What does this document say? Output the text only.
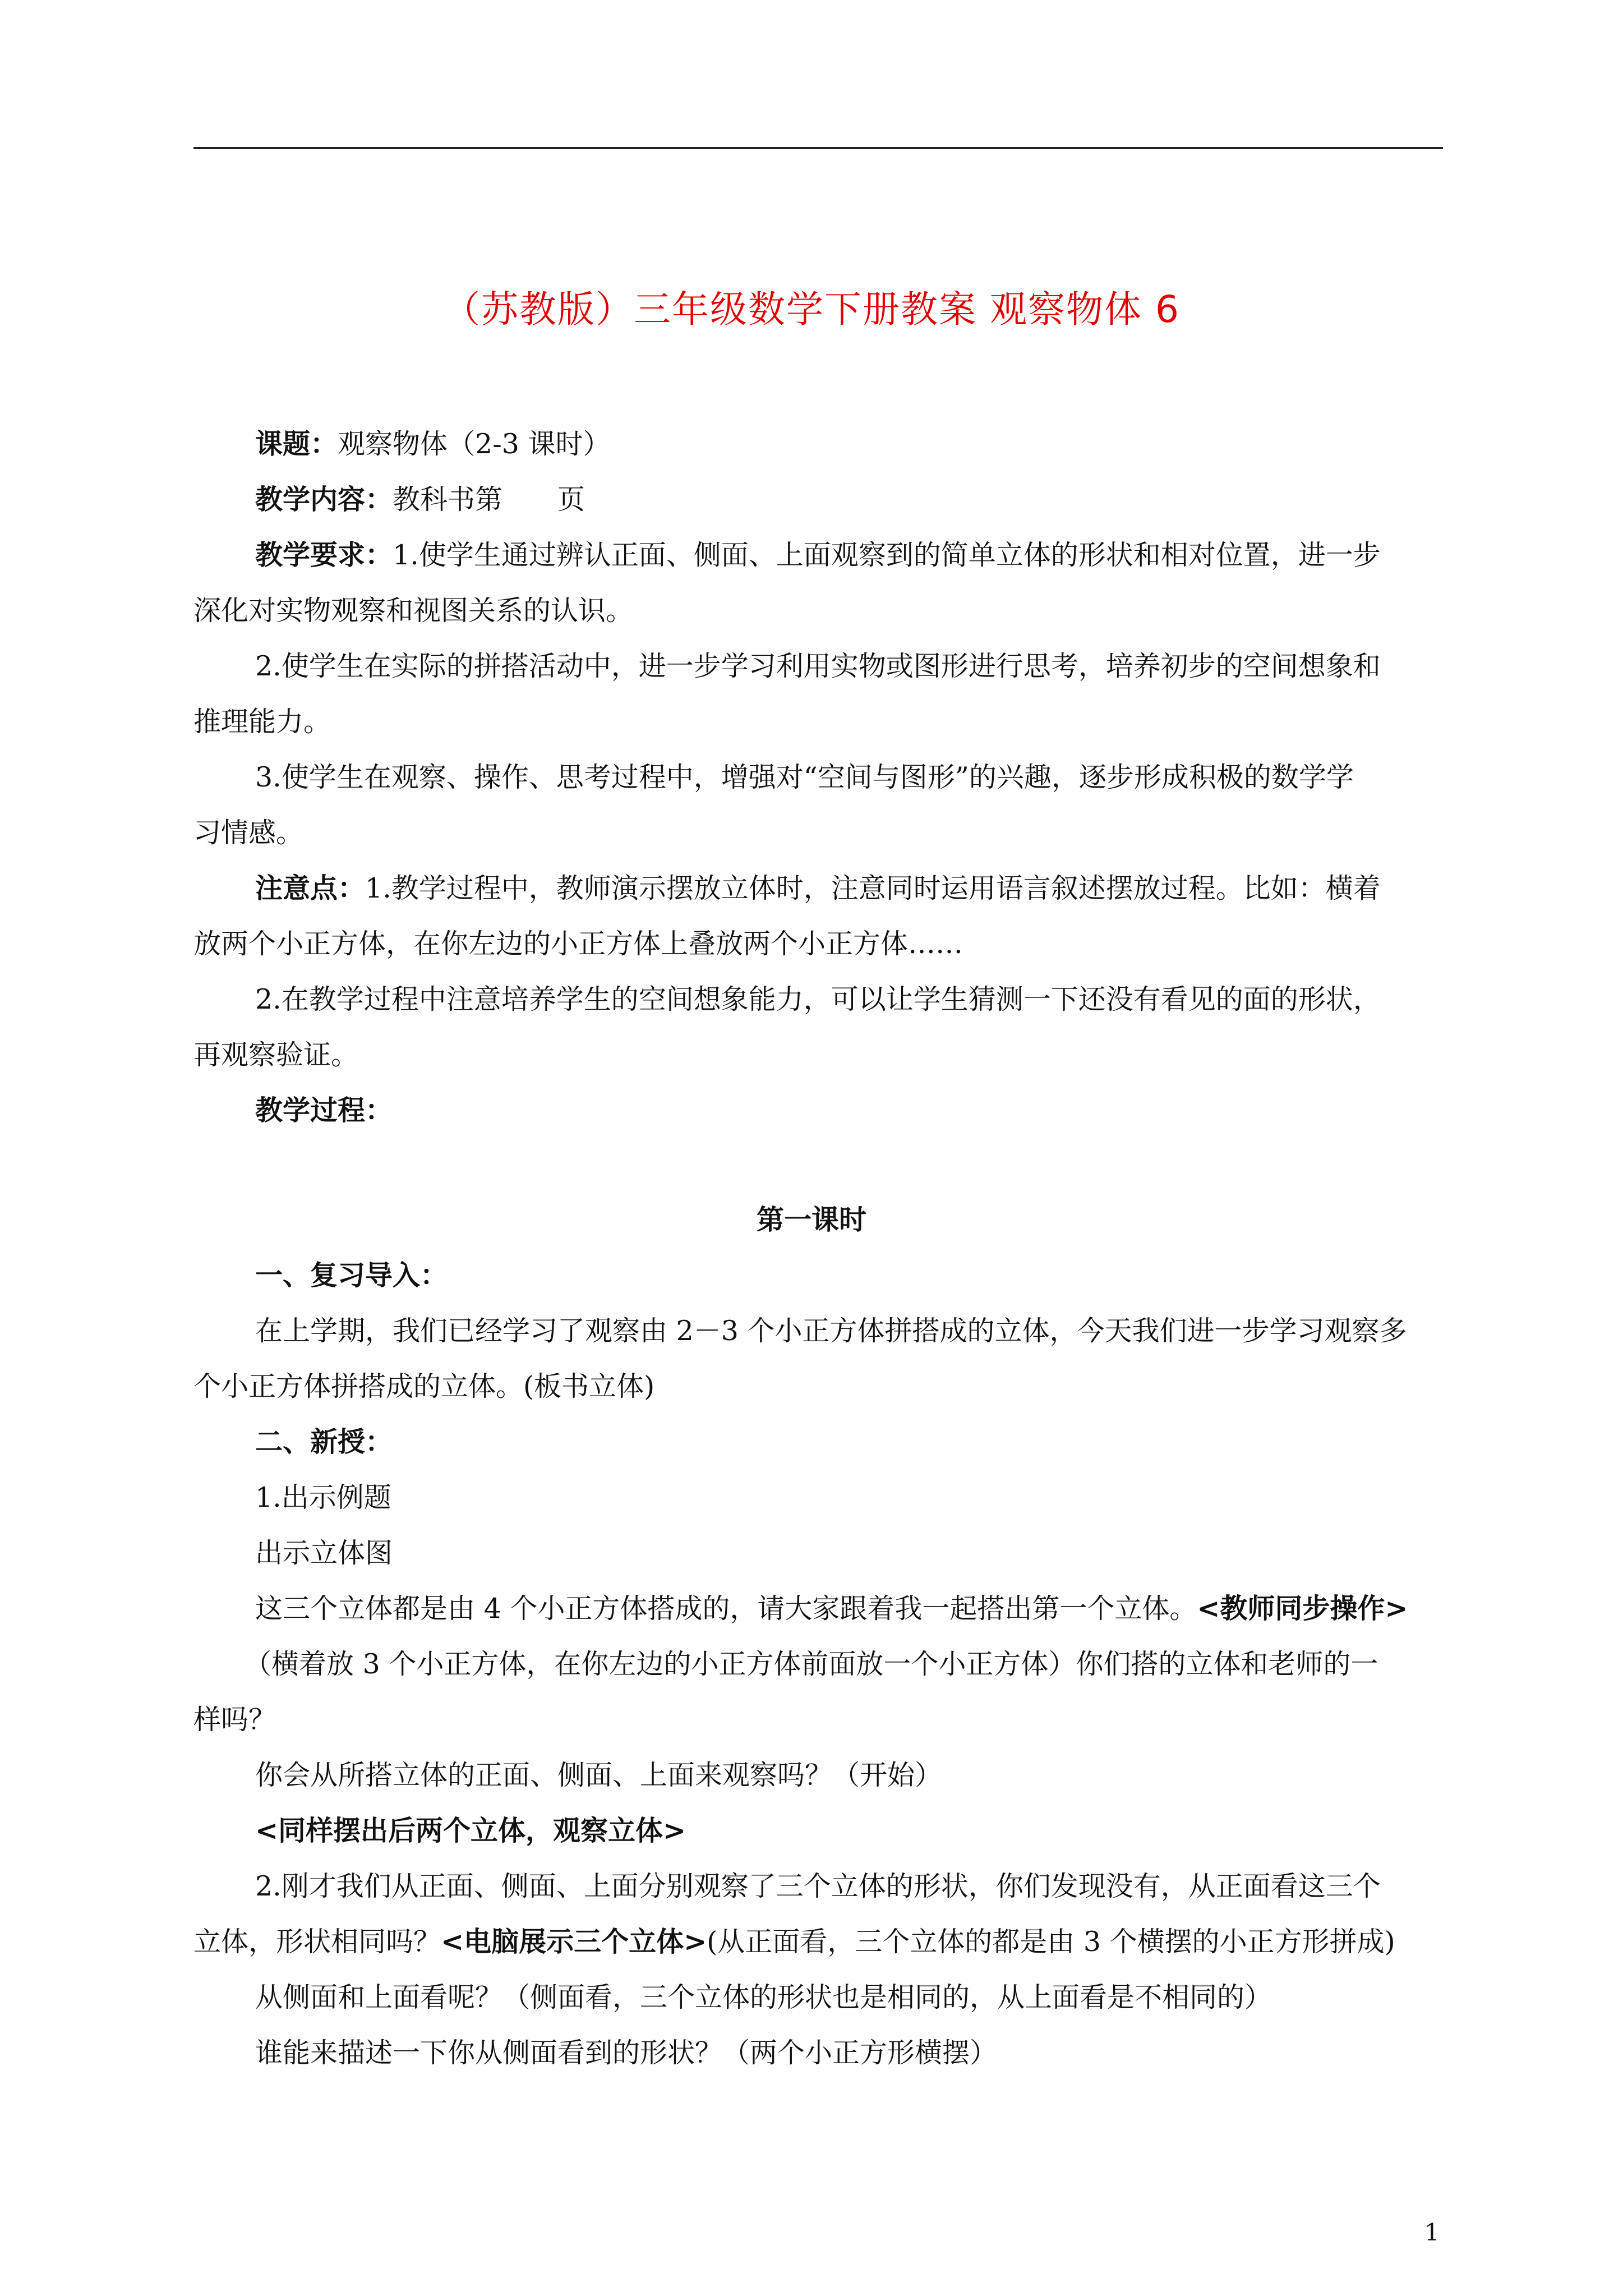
（苏教版）三年级数学下册教案 观察物体 6
课题：观察物体（2-3 课时）
教学内容：教科书第　　页
教学要求：1.使学生通过辨认正面、侧面、上面观察到的简单立体的形状和相对位置，进一步
深化对实物观察和视图关系的认识。
2.使学生在实际的拼搭活动中，进一步学习利用实物或图形进行思考，培养初步的空间想象和
推理能力。
3.使学生在观察、操作、思考过程中，增强对“空间与图形”的兴趣，逐步形成积极的数学学
习情感。
注意点：1.教学过程中，教师演示摆放立体时，注意同时运用语言叙述摆放过程。比如：横着
放两个小正方体，在你左边的小正方体上叠放两个小正方体……
2.在教学过程中注意培养学生的空间想象能力，可以让学生猜测一下还没有看见的面的形状，
再观察验证。
教学过程：
第一课时
一、复习导入：
在上学期，我们已经学习了观察由 2－3 个小正方体拼搭成的立体，今天我们进一步学习观察多
个小正方体拼搭成的立体。(板书立体)
二、新授：
1.出示例题
出示立体图
这三个立体都是由 4 个小正方体搭成的，请大家跟着我一起搭出第一个立体。<教师同步操作>
（横着放 3 个小正方体，在你左边的小正方体前面放一个小正方体）你们搭的立体和老师的一
样吗？
你会从所搭立体的正面、侧面、上面来观察吗？（开始）
<同样摆出后两个立体，观察立体>
2.刚才我们从正面、侧面、上面分别观察了三个立体的形状，你们发现没有，从正面看这三个
立体，形状相同吗？<电脑展示三个立体>(从正面看，三个立体的都是由 3 个横摆的小正方形拼成)
从侧面和上面看呢？（侧面看，三个立体的形状也是相同的，从上面看是不相同的）
谁能来描述一下你从侧面看到的形状？（两个小正方形横摆）
1
